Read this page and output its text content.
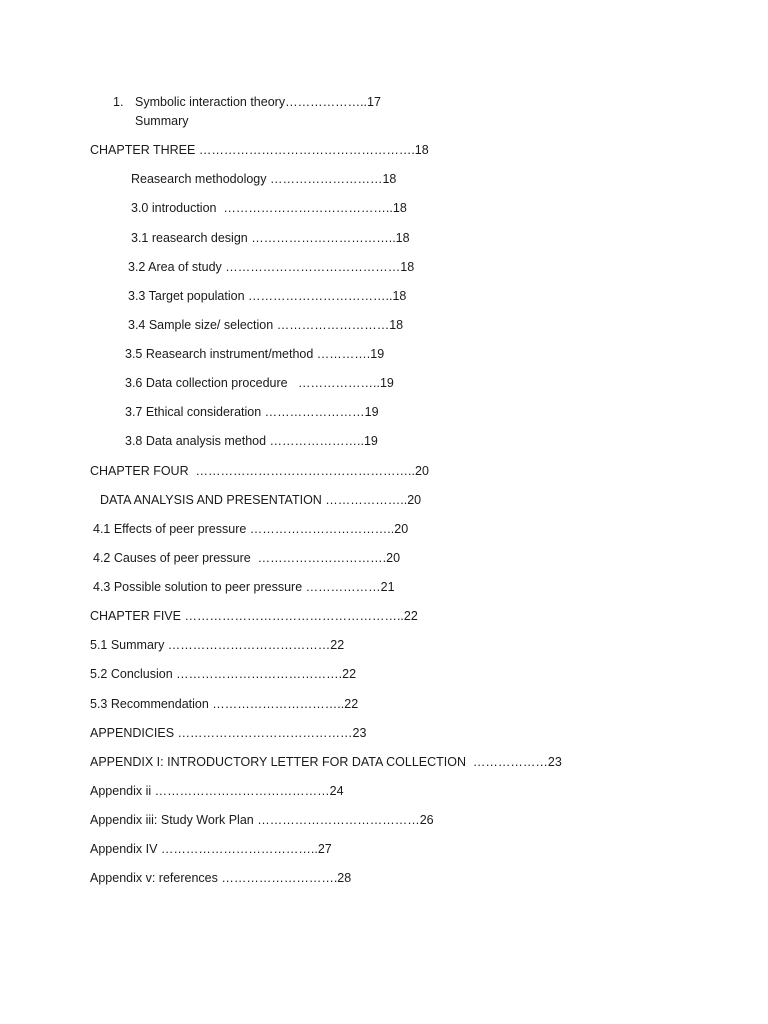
1. Symbolic interaction theory………………..17
Summary
CHAPTER THREE …………………………………………….18
Reasearch methodology ………………………18
3.0 introduction  …………………………………..18
3.1 reasearch design ……………………………..18
3.2 Area of study ……………………………………18
3.3 Target population ……………………………..18
3.4 Sample size/ selection ………………………18
3.5 Reasearch instrument/method ………….19
3.6 Data collection procedure   ………………..19
3.7 Ethical consideration ……………………19
3.8 Data analysis method …………………..19
CHAPTER FOUR  ……………………………………………..20
DATA ANALYSIS AND PRESENTATION ………………..20
4.1 Effects of peer pressure ……………………………..20
4.2 Causes of peer pressure  ………………………….20
4.3 Possible solution to peer pressure ………………21
CHAPTER FIVE ……………………………………………..22
5.1 Summary …………………………………22
5.2 Conclusion ………………………………….22
5.3 Recommendation …………………………..22
APPENDICIES ……………………………………23
APPENDIX I: INTRODUCTORY LETTER FOR DATA COLLECTION  ………………23
Appendix ii ……………………………………24
Appendix iii: Study Work Plan …………………………………26
Appendix IV ………………………………..27
Appendix v: references ……………………….28
